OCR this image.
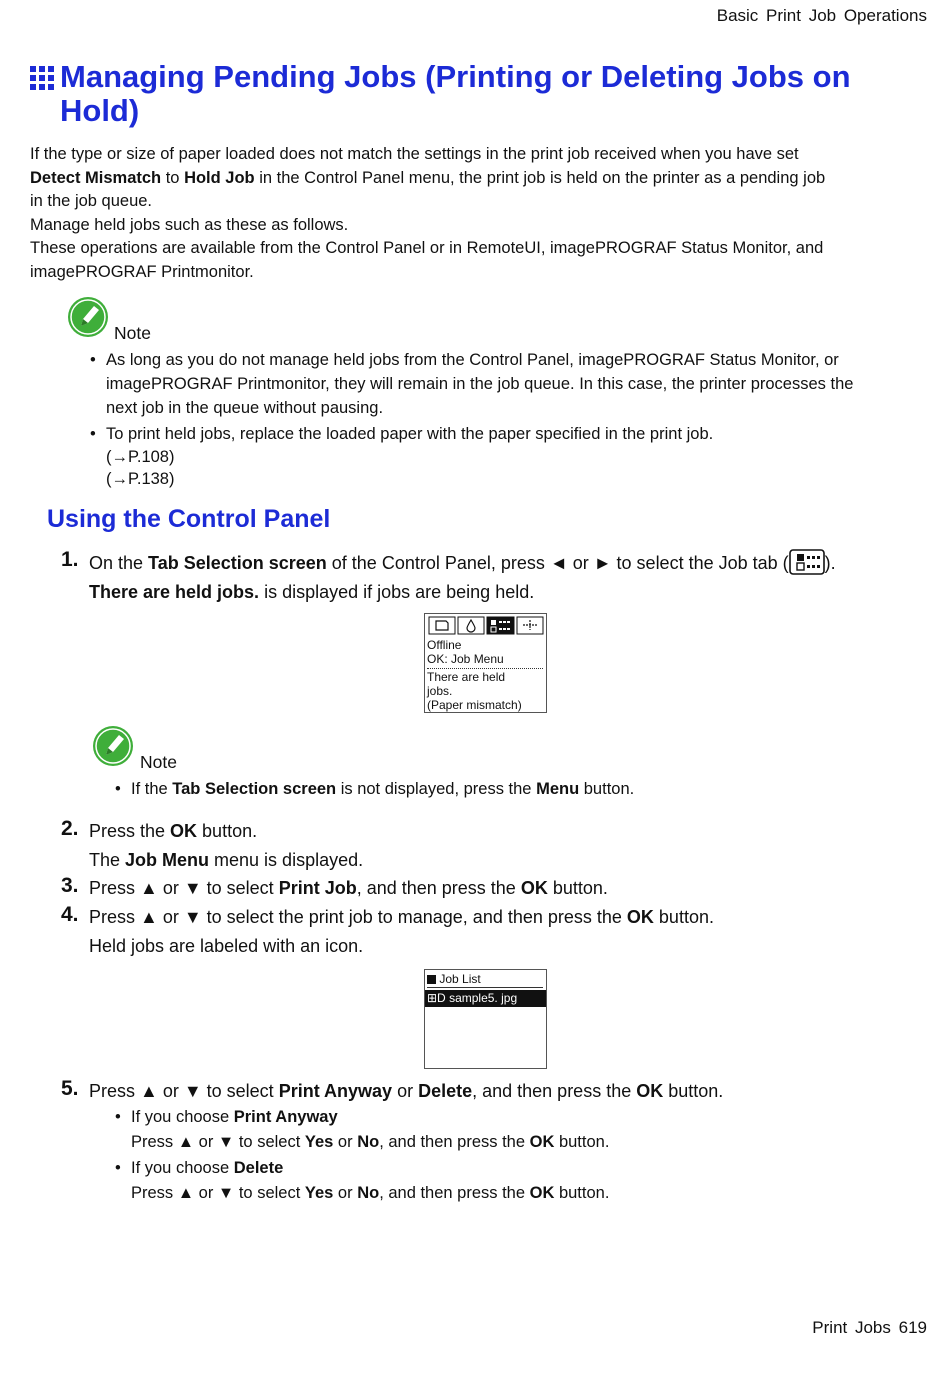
Basic Print Job Operations
Print Jobs 619
Managing Pending Jobs (Printing or Deleting Jobs on Hold)
If the type or size of paper loaded does not match the settings in the print job received when you have set
Detect Mismatch to Hold Job in the Control Panel menu, the print job is held on the printer as a pending job
in the job queue.
Manage held jobs such as these as follows.
These operations are available from the Control Panel or in RemoteUI, imagePROGRAF Status Monitor, and
imagePROGRAF Printmonitor.
Note
• As long as you do not manage held jobs from the Control Panel, imagePROGRAF Status Monitor, or
imagePROGRAF Printmonitor, they will remain in the job queue. In this case, the printer processes the
next job in the queue without pausing.
• To print held jobs, replace the loaded paper with the paper specified in the print job.
(→P.108)
(→P.138)
Using the Control Panel
1. On the Tab Selection screen of the Control Panel, press ◄ or ► to select the Job tab ( ).
There are held jobs. is displayed if jobs are being held.
Offline
OK: Job Menu
There are held
jobs.
(Paper mismatch)
Note
• If the Tab Selection screen is not displayed, press the Menu button.
2. Press the OK button.
The Job Menu menu is displayed.
3. Press ▲ or ▼ to select Print Job, and then press the OK button.
4. Press ▲ or ▼ to select the print job to manage, and then press the OK button.
Held jobs are labeled with an icon.
Job List
⊞D sample5. jpg
5. Press ▲ or ▼ to select Print Anyway or Delete, and then press the OK button.
• If you choose Print Anyway
Press ▲ or ▼ to select Yes or No, and then press the OK button.
• If you choose Delete
Press ▲ or ▼ to select Yes or No, and then press the OK button.
